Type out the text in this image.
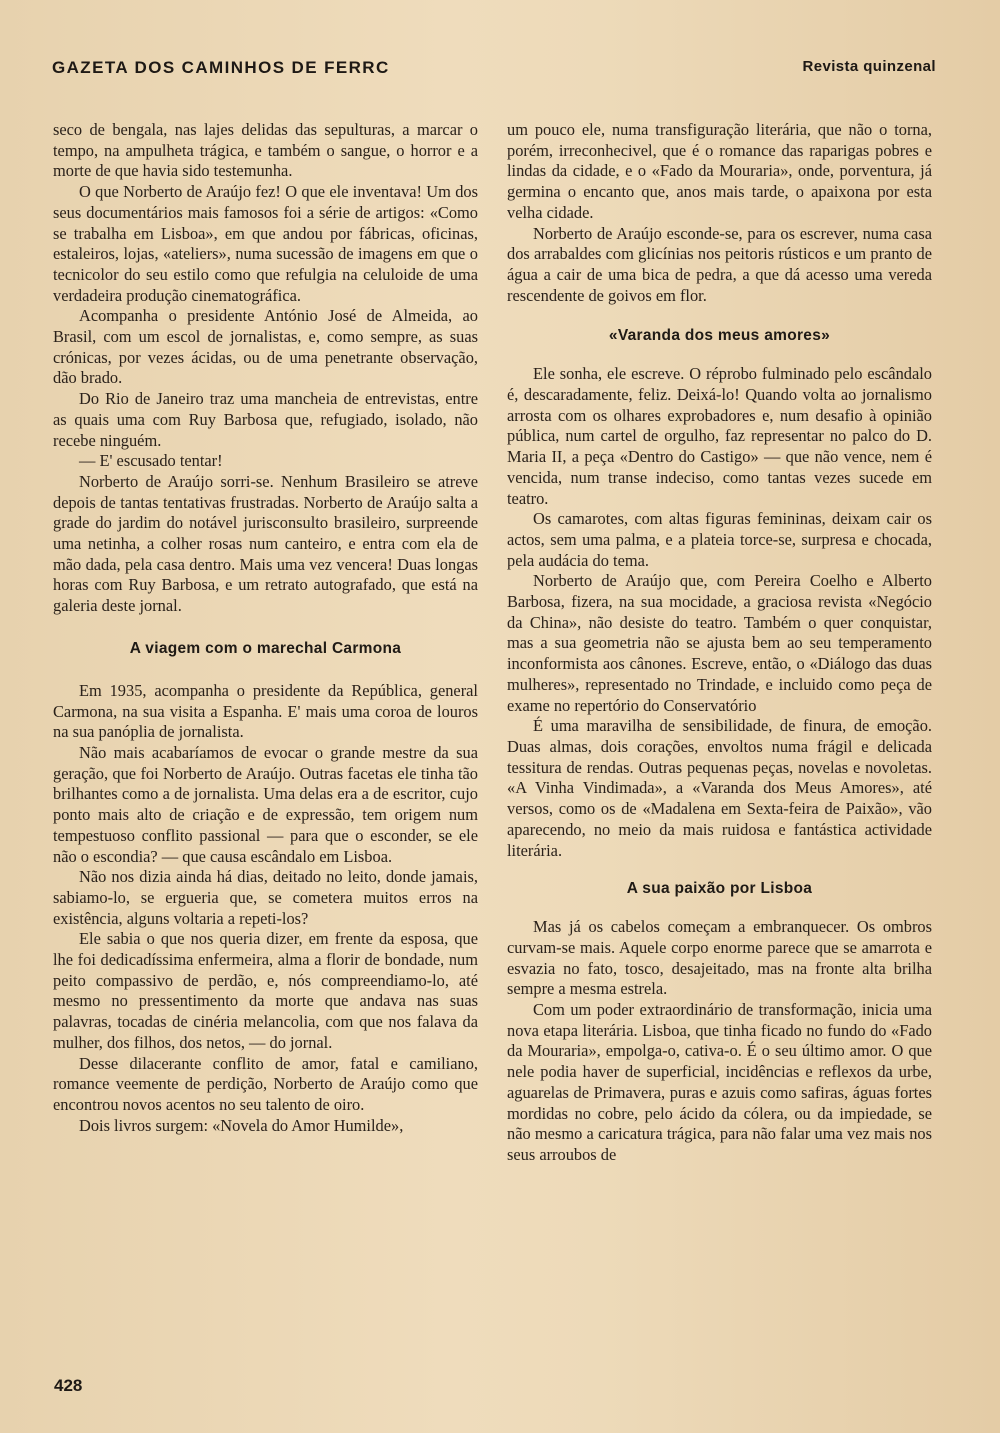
GAZETA DOS CAMINHOS DE FERRC	Revista quinzenal

seco de bengala, nas lajes delidas das sepulturas, a marcar o tempo, na ampulheta trágica, e também o sangue, o horror e a morte de que havia sido testemunha.

O que Norberto de Araújo fez! O que ele inventava! Um dos seus documentários mais famosos foi a série de artigos: «Como se trabalha em Lisboa», em que andou por fábricas, oficinas, estaleiros, lojas, «ateliers», numa sucessão de imagens em que o tecnicolor do seu estilo como que refulgia na celuloide de uma verdadeira produção cinematográfica.

Acompanha o presidente António José de Almeida, ao Brasil, com um escol de jornalistas, e, como sempre, as suas crónicas, por vezes ácidas, ou de uma penetrante observação, dão brado.

Do Rio de Janeiro traz uma mancheia de entrevistas, entre as quais uma com Ruy Barbosa que, refugiado, isolado, não recebe ninguém.

— E' escusado tentar!

Norberto de Araújo sorri-se. Nenhum Brasileiro se atreve depois de tantas tentativas frustradas. Norberto de Araújo salta a grade do jardim do notável jurisconsulto brasileiro, surpreende uma netinha, a colher rosas num canteiro, e entra com ela de mão dada, pela casa dentro. Mais uma vez vencera! Duas longas horas com Ruy Barbosa, e um retrato autografado, que está na galeria deste jornal.

A viagem com o marechal Carmona

Em 1935, acompanha o presidente da República, general Carmona, na sua visita a Espanha. E' mais uma coroa de louros na sua panóplia de jornalista.

Não mais acabaríamos de evocar o grande mestre da sua geração, que foi Norberto de Araújo. Outras facetas ele tinha tão brilhantes como a de jornalista. Uma delas era a de escritor, cujo ponto mais alto de criação e de expressão, tem origem num tempestuoso conflito passional — para que o esconder, se ele não o escondia? — que causa escândalo em Lisboa.

Não nos dizia ainda há dias, deitado no leito, donde jamais, sabiamo-lo, se ergueria que, se cometera muitos erros na existência, alguns voltaria a repeti-los?

Ele sabia o que nos queria dizer, em frente da esposa, que lhe foi dedicadíssima enfermeira, alma a florir de bondade, num peito compassivo de perdão, e, nós compreendiamo-lo, até mesmo no pressentimento da morte que andava nas suas palavras, tocadas de cinéria melancolia, com que nos falava da mulher, dos filhos, dos netos, — do jornal.

Desse dilacerante conflito de amor, fatal e camiliano, romance veemente de perdição, Norberto de Araújo como que encontrou novos acentos no seu talento de oiro.

Dois livros surgem: «Novela do Amor Humilde»,

um pouco ele, numa transfiguração literária, que não o torna, porém, irreconhecivel, que é o romance das raparigas pobres e lindas da cidade, e o «Fado da Mouraria», onde, porventura, já germina o encanto que, anos mais tarde, o apaixona por esta velha cidade.

Norberto de Araújo esconde-se, para os escrever, numa casa dos arrabaldes com glicínias nos peitoris rústicos e um pranto de água a cair de uma bica de pedra, a que dá acesso uma vereda rescendente de goivos em flor.

«Varanda dos meus amores»

Ele sonha, ele escreve. O réprobo fulminado pelo escândalo é, descaradamente, feliz. Deixá-lo! Quando volta ao jornalismo arrosta com os olhares exprobadores e, num desafio à opinião pública, num cartel de orgulho, faz representar no palco do D. Maria II, a peça «Dentro do Castigo» — que não vence, nem é vencida, num transe indeciso, como tantas vezes sucede em teatro.

Os camarotes, com altas figuras femininas, deixam cair os actos, sem uma palma, e a plateia torce-se, surpresa e chocada, pela audácia do tema.

Norberto de Araújo que, com Pereira Coelho e Alberto Barbosa, fizera, na sua mocidade, a graciosa revista «Negócio da China», não desiste do teatro. Também o quer conquistar, mas a sua geometria não se ajusta bem ao seu temperamento inconformista aos cânones. Escreve, então, o «Diálogo das duas mulheres», representado no Trindade, e incluido como peça de exame no repertório do Conservatório

É uma maravilha de sensibilidade, de finura, de emoção. Duas almas, dois corações, envoltos numa frágil e delicada tessitura de rendas. Outras pequenas peças, novelas e novoletas. «A Vinha Vindimada», a «Varanda dos Meus Amores», até versos, como os de «Madalena em Sexta-feira de Paixão», vão aparecendo, no meio da mais ruidosa e fantástica actividade literária.

A sua paixão por Lisboa

Mas já os cabelos começam a embranquecer. Os ombros curvam-se mais. Aquele corpo enorme parece que se amarrota e esvazia no fato, tosco, desajeitado, mas na fronte alta brilha sempre a mesma estrela.

Com um poder extraordinário de transformação, inicia uma nova etapa literária. Lisboa, que tinha ficado no fundo do «Fado da Mouraria», empolga-o, cativa-o. É o seu último amor. O que nele podia haver de superficial, incidências e reflexos da urbe, aguarelas de Primavera, puras e azuis como safiras, águas fortes mordidas no cobre, pelo ácido da cólera, ou da impiedade, se não mesmo a caricatura trágica, para não falar uma vez mais nos seus arroubos de

428
